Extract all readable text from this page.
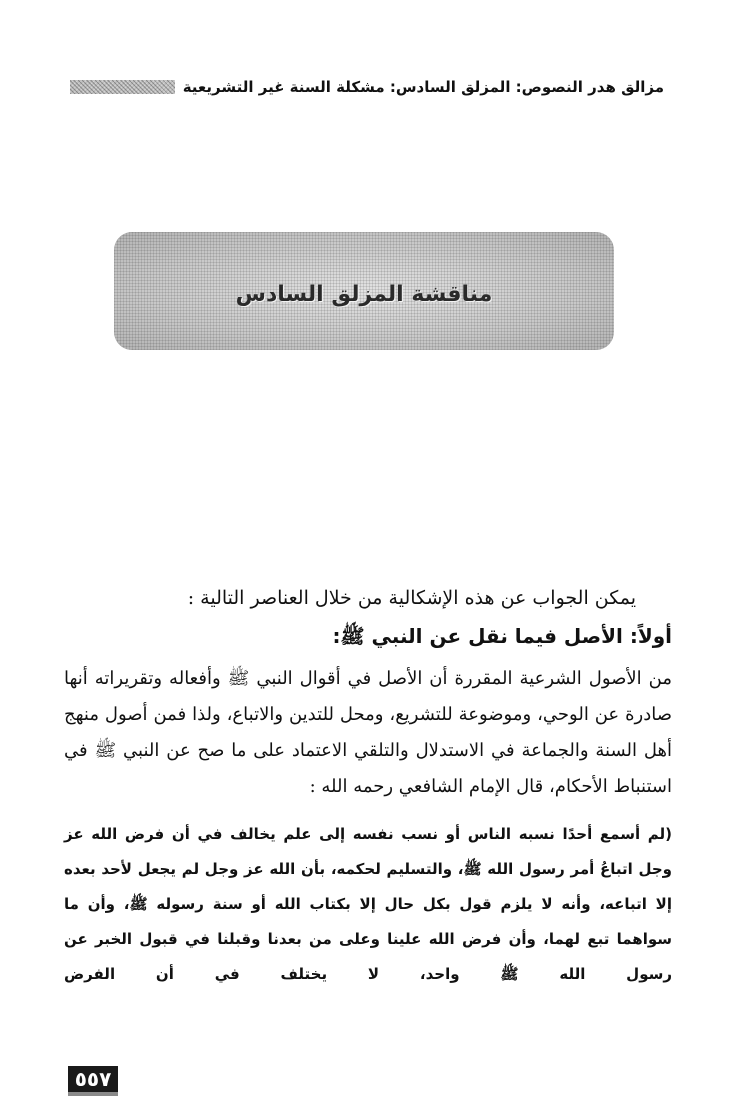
مزالق هدر النصوص: المزلق السادس: مشكلة السنة غير التشريعية
مناقشة المزلق السادس

يمكن الجواب عن هذه الإشكالية من خلال العناصر التالية :

أولاً: الأصل فيما نقل عن النبي ﷺ:

من الأصول الشرعية المقررة أن الأصل في أقوال النبي ﷺ وأفعاله وتقريراته أنها صادرة عن الوحي، وموضوعة للتشريع، ومحل للتدين والاتباع، ولذا فمن أصول منهج أهل السنة والجماعة في الاستدلال والتلقي الاعتماد على ما صح عن النبي ﷺ في استنباط الأحكام، قال الإمام الشافعي رحمه الله :

(لم أسمع أحدًا نسبه الناس أو نسب نفسه إلى علم يخالف في أن فرض الله عز وجل اتباعُ أمر رسول الله ﷺ، والتسليم لحكمه، بأن الله عز وجل لم يجعل لأحد بعده إلا اتباعه، وأنه لا يلزم قول بكل حال إلا بكتاب الله أو سنة رسوله ﷺ، وأن ما سواهما تبع لهما، وأن فرض الله علينا وعلى من بعدنا وقبلنا في قبول الخبر عن رسول الله ﷺ واحد، لا يختلف في أن الفرض

٥٥٧
